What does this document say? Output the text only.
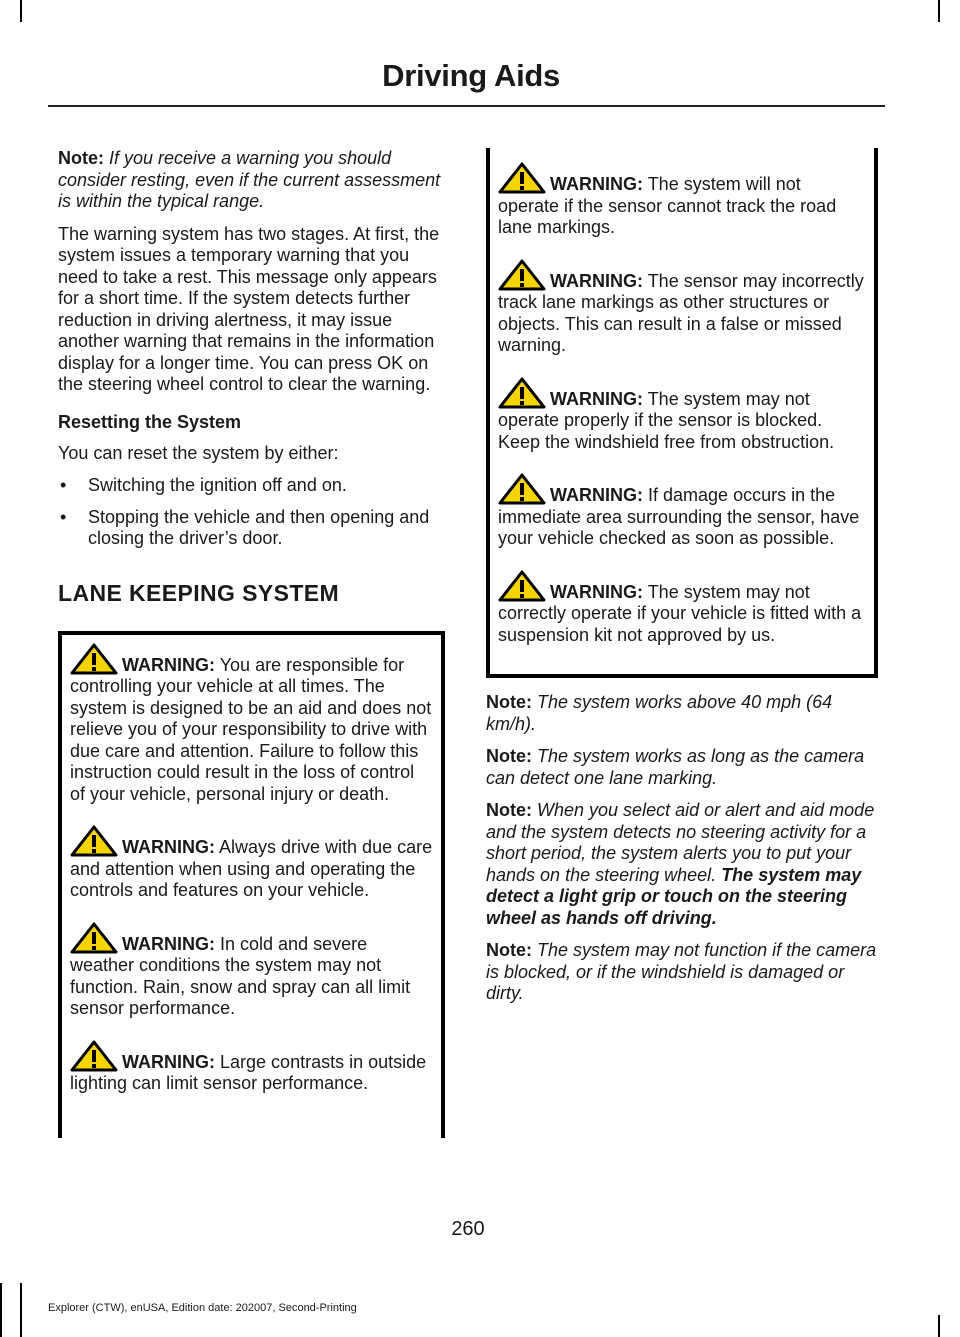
Driving Aids

Note: If you receive a warning you should consider resting, even if the current assessment is within the typical range.

The warning system has two stages. At first, the system issues a temporary warning that you need to take a rest. This message only appears for a short time. If the system detects further reduction in driving alertness, it may issue another warning that remains in the information display for a longer time. You can press OK on the steering wheel control to clear the warning.

Resetting the System

You can reset the system by either:

• Switching the ignition off and on.
• Stopping the vehicle and then opening and closing the driver’s door.
LANE KEEPING SYSTEM
WARNING: You are responsible for controlling your vehicle at all times. The system is designed to be an aid and does not relieve you of your responsibility to drive with due care and attention. Failure to follow this instruction could result in the loss of control of your vehicle, personal injury or death.
WARNING: Always drive with due care and attention when using and operating the controls and features on your vehicle.
WARNING: In cold and severe weather conditions the system may not function. Rain, snow and spray can all limit sensor performance.
WARNING: Large contrasts in outside lighting can limit sensor performance.
WARNING: The system will not operate if the sensor cannot track the road lane markings.
WARNING: The sensor may incorrectly track lane markings as other structures or objects. This can result in a false or missed warning.
WARNING: The system may not operate properly if the sensor is blocked. Keep the windshield free from obstruction.
WARNING: If damage occurs in the immediate area surrounding the sensor, have your vehicle checked as soon as possible.
WARNING: The system may not correctly operate if your vehicle is fitted with a suspension kit not approved by us.

Note: The system works above 40 mph (64 km/h).

Note: The system works as long as the camera can detect one lane marking.

Note: When you select aid or alert and aid mode and the system detects no steering activity for a short period, the system alerts you to put your hands on the steering wheel. The system may detect a light grip or touch on the steering wheel as hands off driving.

Note: The system may not function if the camera is blocked, or if the windshield is damaged or dirty.

260
Explorer (CTW), enUSA, Edition date: 202007, Second-Printing
